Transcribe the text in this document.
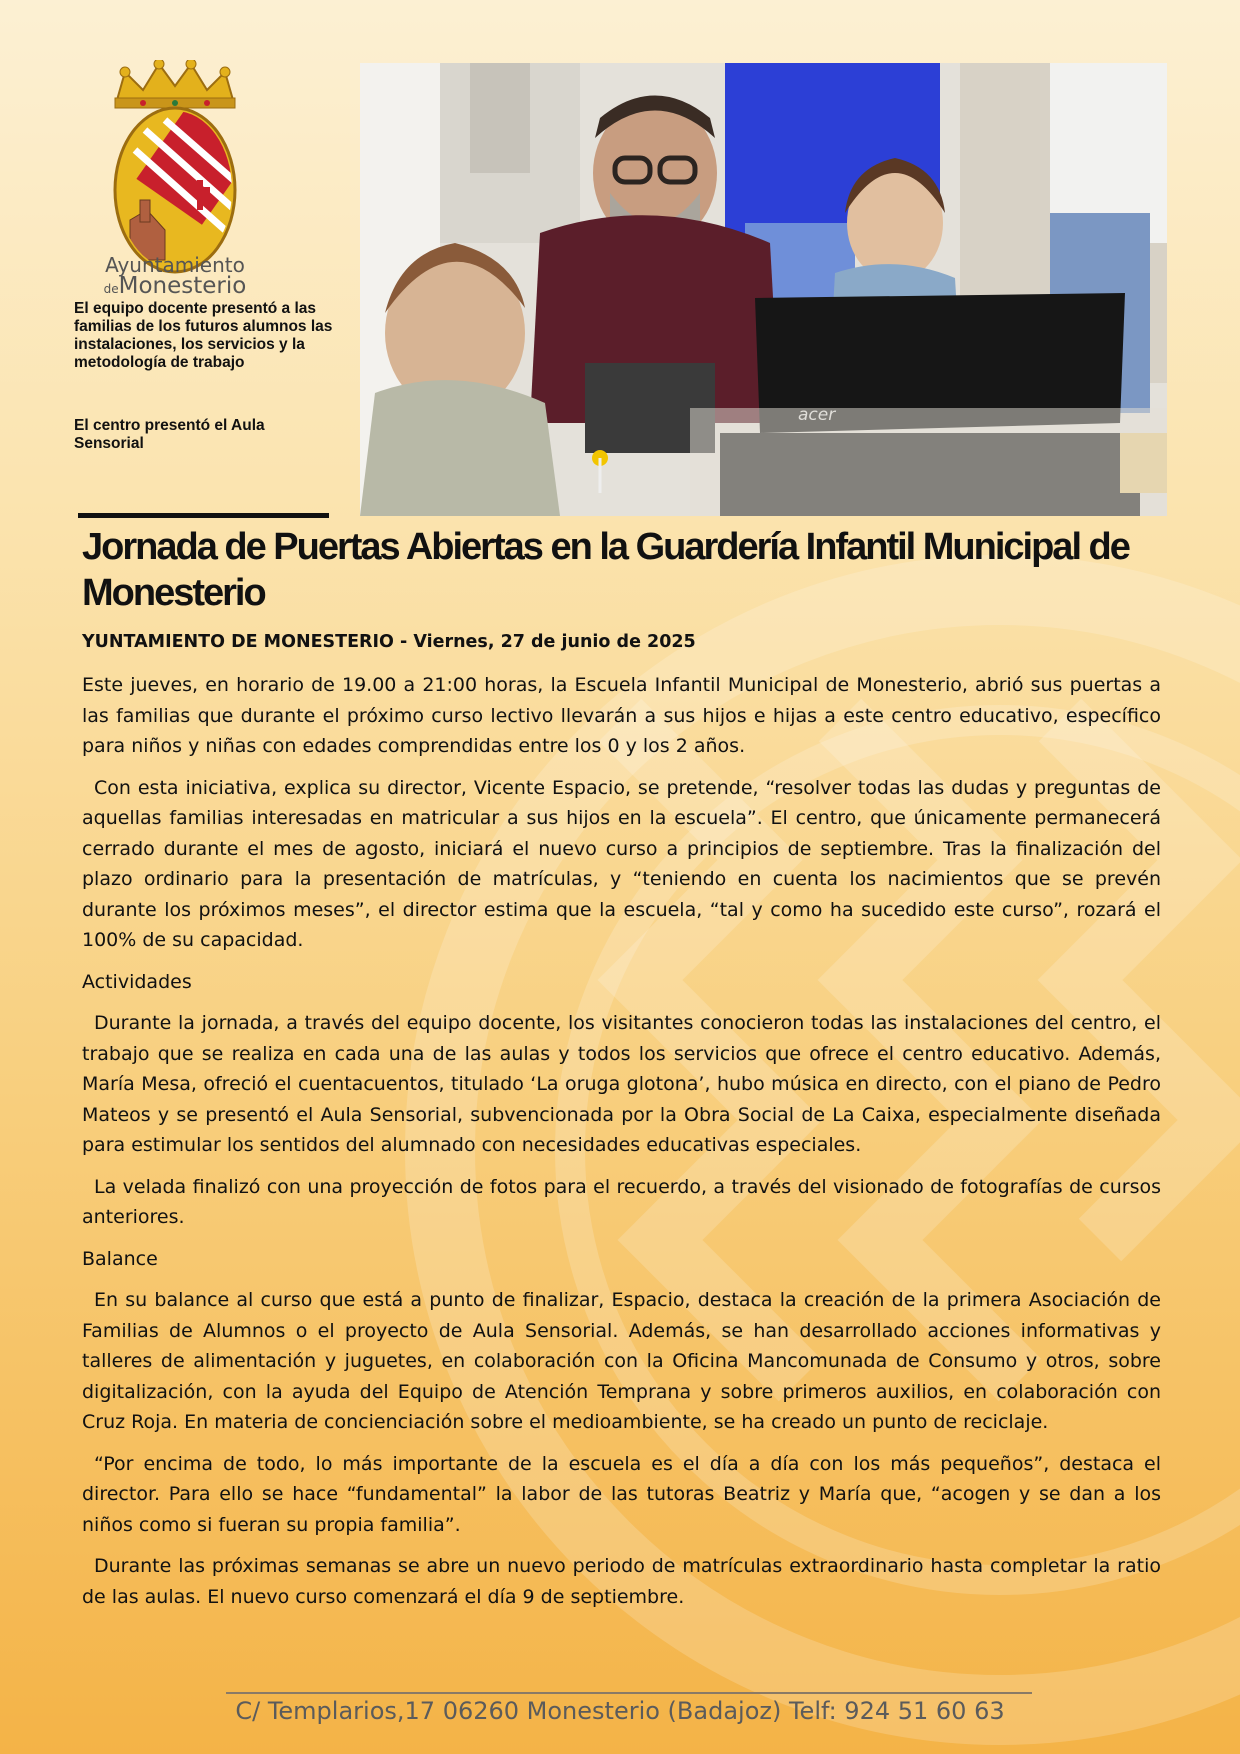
Ayuntamiento
deMonesterio
El equipo docente presentó a las familias de los futuros alumnos las instalaciones, los servicios y la metodología de trabajo
El centro presentó el Aula Sensorial
Jornada de Puertas Abiertas en la Guardería Infantil Municipal de Monesterio

YUNTAMIENTO DE MONESTERIO - Viernes, 27 de junio de 2025

Este jueves, en horario de 19.00 a 21:00 horas, la Escuela Infantil Municipal de Monesterio, abrió sus puertas a las familias que durante el próximo curso lectivo llevarán a sus hijos e hijas a este centro educativo, específico para niños y niñas con edades comprendidas entre los 0 y los 2 años.

Con esta iniciativa, explica su director, Vicente Espacio, se pretende, “resolver todas las dudas y preguntas de aquellas familias interesadas en matricular a sus hijos en la escuela”. El centro, que únicamente permanecerá cerrado durante el mes de agosto, iniciará el nuevo curso a principios de septiembre. Tras la finalización del plazo ordinario para la presentación de matrículas, y “teniendo en cuenta los nacimientos que se prevén durante los próximos meses”, el director estima que la escuela, “tal y como ha sucedido este curso”, rozará el 100% de su capacidad.

Actividades

Durante la jornada, a través del equipo docente, los visitantes conocieron todas las instalaciones del centro, el trabajo que se realiza en cada una de las aulas y todos los servicios que ofrece el centro educativo. Además, María Mesa, ofreció el cuentacuentos, titulado ‘La oruga glotona’, hubo música en directo, con el piano de Pedro Mateos y se presentó el Aula Sensorial, subvencionada por la Obra Social de La Caixa, especialmente diseñada para estimular los sentidos del alumnado con necesidades educativas especiales.

La velada finalizó con una proyección de fotos para el recuerdo, a través del visionado de fotografías de cursos anteriores.

Balance

En su balance al curso que está a punto de finalizar, Espacio, destaca la creación de la primera Asociación de Familias de Alumnos o el proyecto de Aula Sensorial. Además, se han desarrollado acciones informativas y talleres de alimentación y juguetes, en colaboración con la Oficina Mancomunada de Consumo y otros, sobre digitalización, con la ayuda del Equipo de Atención Temprana y sobre primeros auxilios, en colaboración con Cruz Roja. En materia de concienciación sobre el medioambiente, se ha creado un punto de reciclaje.

“Por encima de todo, lo más importante de la escuela es el día a día con los más pequeños”, destaca el director. Para ello se hace “fundamental” la labor de las tutoras Beatriz y María que, “acogen y se dan a los niños como si fueran su propia familia”.

Durante las próximas semanas se abre un nuevo periodo de matrículas extraordinario hasta completar la ratio de las aulas. El nuevo curso comenzará el día 9 de septiembre.

C/ Templarios,17 06260 Monesterio (Badajoz) Telf: 924 51 60 63
